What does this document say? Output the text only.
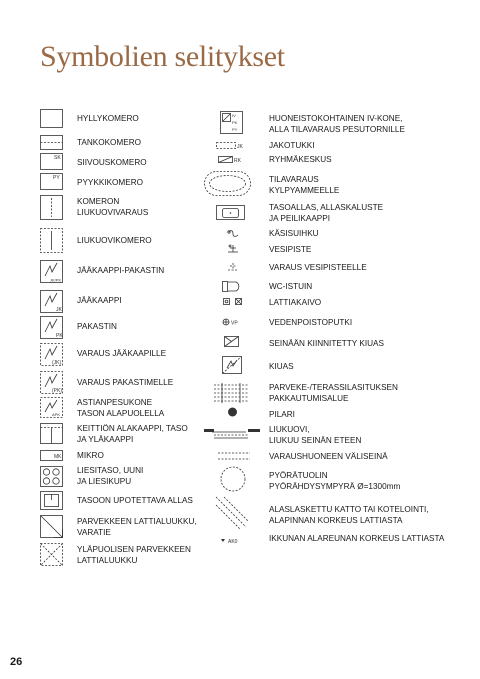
Symbolien selitykset
SK
PY
JK/PK
JK
PK
(JK)
(PK)
APK
MK
HYLLYKOMERO
TANKOKOMERO
SIIVOUSKOMERO
PYYKKIKOMERO
KOMERON
LIUKUOVIVARAUS
LIUKUOVIKOMERO
JÄÄKAAPPI-PAKASTIN
JÄÄKAAPPI
PAKASTIN
VARAUS JÄÄKAAPILLE
VARAUS PAKASTIMELLE
ASTIANPESUKONE
TASON ALAPUOLELLA
KEITTIÖN ALAKAAPPI, TASO
JA YLÄKAAPPI
MIKRO
LIESITASO, UUNI
JA LIESIKUPU
TASOON UPOTETTAVA ALLAS
PARVEKKEEN LATTIALUUKKU,
VARATIE
YLÄPUOLISEN PARVEKKEEN
LATTIALUUKKU
IV
PK
PY
JK
RK
VP
AK0
HUONEISTOKOHTAINEN IV-KONE,
ALLA TILAVARAUS PESUTORNILLE
JAKOTUKKI
RYHMÄKESKUS
TILAVARAUS
KYLPYAMMEELLE
TASOALLAS, ALLASKALUSTE
JA PEILIKAAPPI
KÄSISUIHKU
VESIPISTE
VARAUS VESIPISTEELLE
WC-ISTUIN
LATTIAKAIVO
VEDENPOISTOPUTKI
SEINÄÄN KIINNITETTY KIUAS
KIUAS
PARVEKE-/TERASSILASITUKSEN
PAKKAUTUMISALUE
PILARI
LIUKUOVI,
LIUKUU SEINÄN ETEEN
VARAUSHUONEEN VÄLISEINÄ
PYÖRÄTUOLIN
PYÖRÄHDYSYMPYRÄ Ø=1300mm
ALASLASKETTU KATTO TAI KOTELOINTI,
ALAPINNAN KORKEUS LATTIASTA
IKKUNAN ALAREUNAN KORKEUS LATTIASTA
26
